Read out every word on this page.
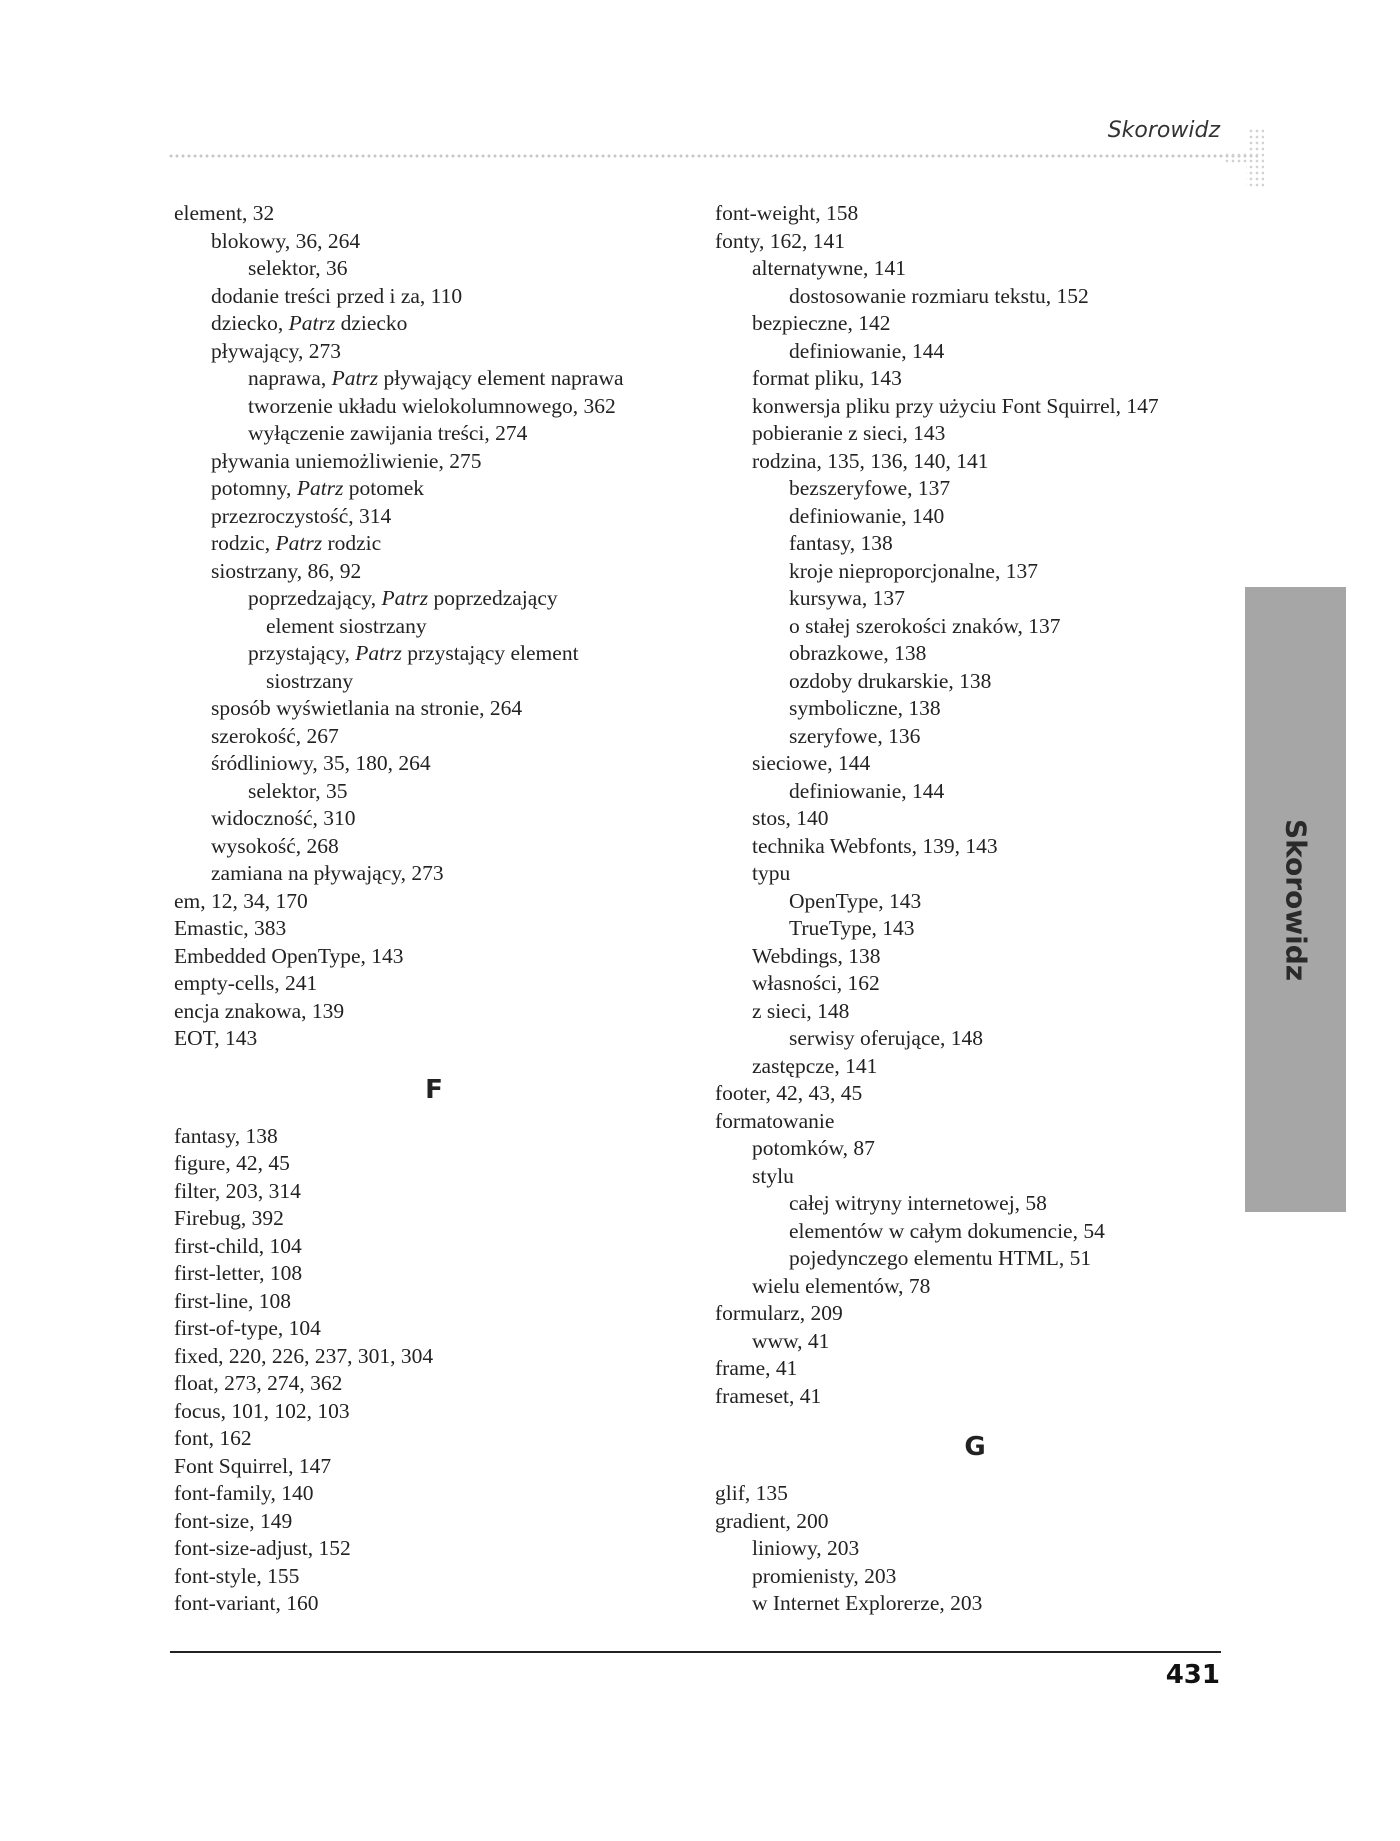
Skorowidz
element, 32
blokowy, 36, 264
selektor, 36
dodanie treści przed i za, 110
dziecko, Patrz dziecko
pływający, 273
naprawa, Patrz pływający element naprawa
tworzenie układu wielokolumnowego, 362
wyłączenie zawijania treści, 274
pływania uniemożliwienie, 275
potomny, Patrz potomek
przezroczystość, 314
rodzic, Patrz rodzic
siostrzany, 86, 92
poprzedzający, Patrz poprzedzający
element siostrzany
przystający, Patrz przystający element
siostrzany
sposób wyświetlania na stronie, 264
szerokość, 267
śródliniowy, 35, 180, 264
selektor, 35
widoczność, 310
wysokość, 268
zamiana na pływający, 273
em, 12, 34, 170
Emastic, 383
Embedded OpenType, 143
empty-cells, 241
encja znakowa, 139
EOT, 143
F
fantasy, 138
figure, 42, 45
filter, 203, 314
Firebug, 392
first-child, 104
first-letter, 108
first-line, 108
first-of-type, 104
fixed, 220, 226, 237, 301, 304
float, 273, 274, 362
focus, 101, 102, 103
font, 162
Font Squirrel, 147
font-family, 140
font-size, 149
font-size-adjust, 152
font-style, 155
font-variant, 160
font-weight, 158
fonty, 162, 141
alternatywne, 141
dostosowanie rozmiaru tekstu, 152
bezpieczne, 142
definiowanie, 144
format pliku, 143
konwersja pliku przy użyciu Font Squirrel, 147
pobieranie z sieci, 143
rodzina, 135, 136, 140, 141
bezszeryfowe, 137
definiowanie, 140
fantasy, 138
kroje nieproporcjonalne, 137
kursywa, 137
o stałej szerokości znaków, 137
obrazkowe, 138
ozdoby drukarskie, 138
symboliczne, 138
szeryfowe, 136
sieciowe, 144
definiowanie, 144
stos, 140
technika Webfonts, 139, 143
typu
OpenType, 143
TrueType, 143
Webdings, 138
własności, 162
z sieci, 148
serwisy oferujące, 148
zastępcze, 141
footer, 42, 43, 45
formatowanie
potomków, 87
stylu
całej witryny internetowej, 58
elementów w całym dokumencie, 54
pojedynczego elementu HTML, 51
wielu elementów, 78
formularz, 209
www, 41
frame, 41
frameset, 41
G
glif, 135
gradient, 200
liniowy, 203
promienisty, 203
w Internet Explorerze, 203
Skorowidz
431
